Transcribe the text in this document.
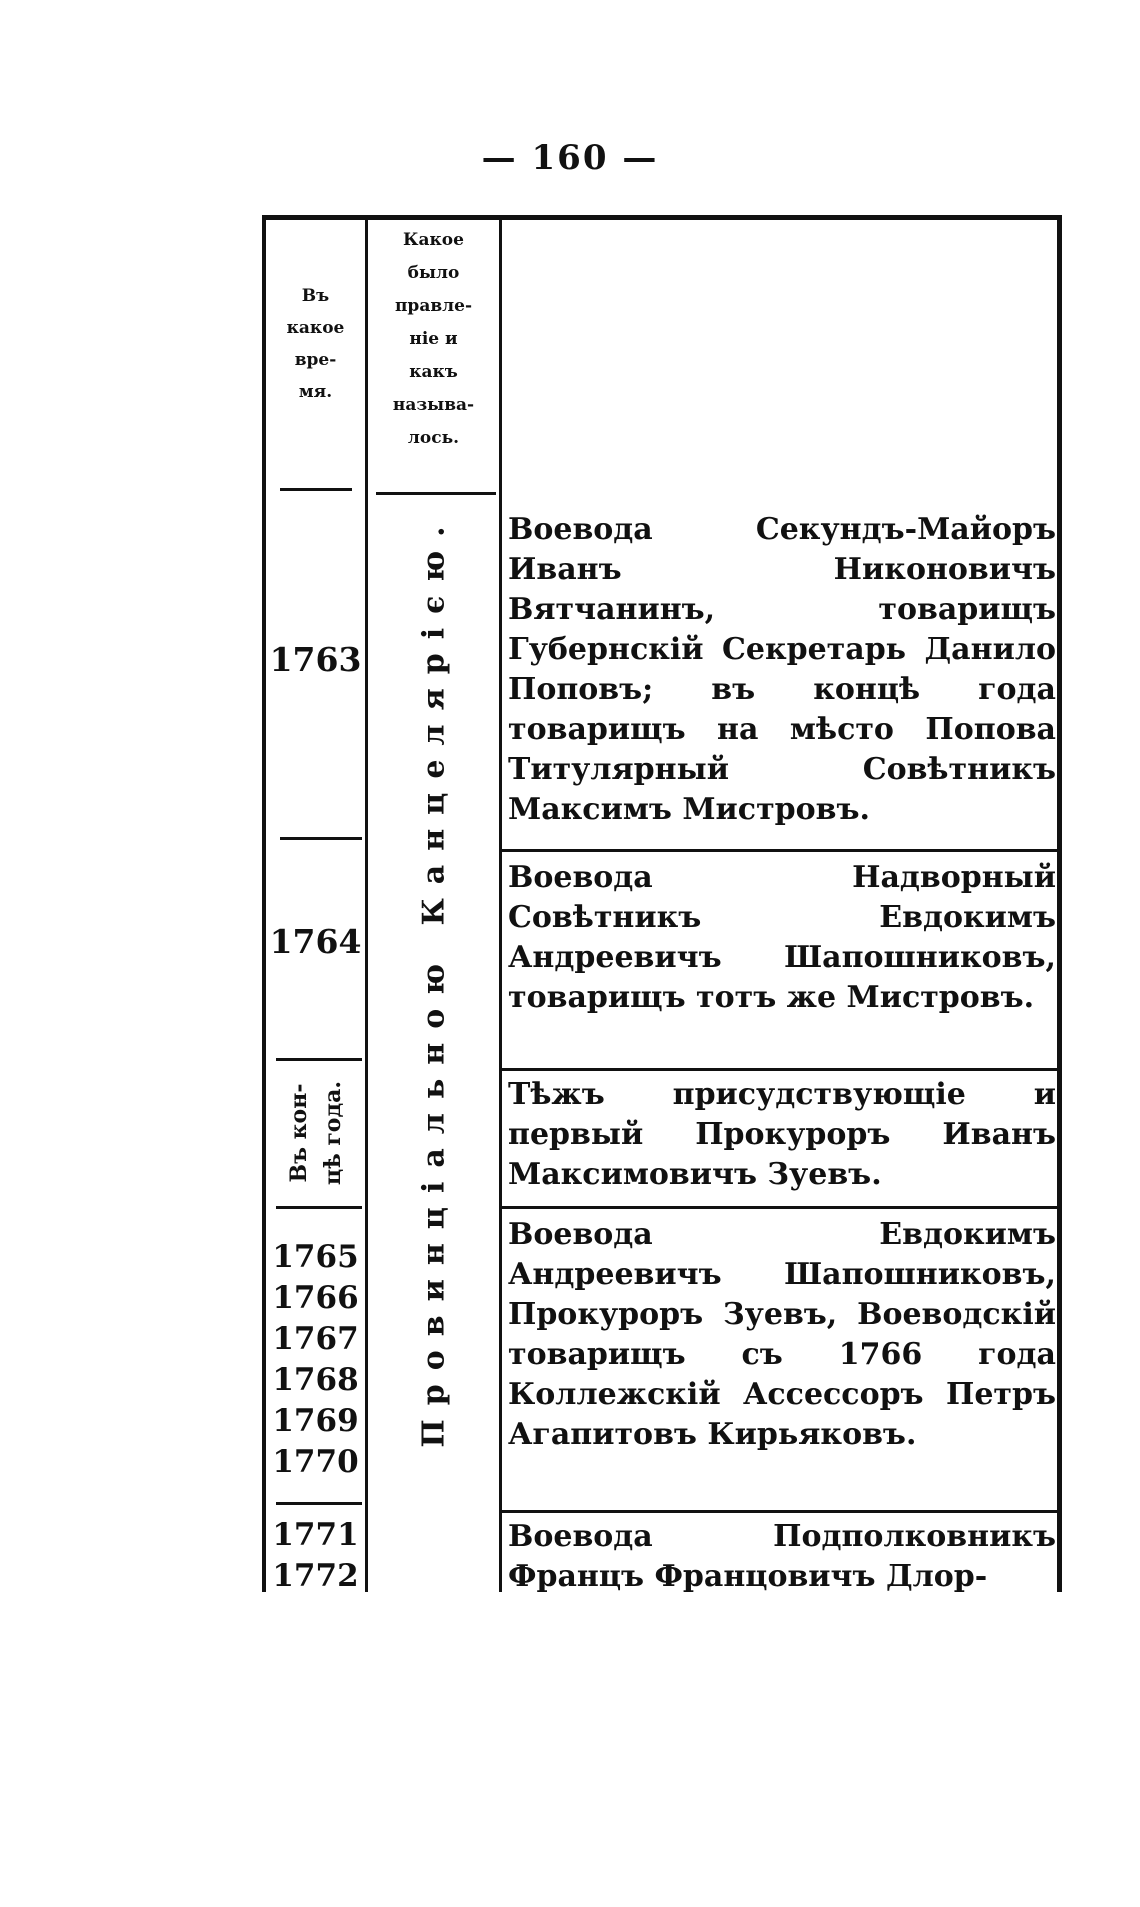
— 160 —
Въ
какое
вре-
мя.
Какое
было
правле-
ніе и
какъ
называ-
лось.
Провинціальною Канцелярією.
1763
Воевода Секундъ-Майоръ Иванъ Никоновичъ Вятчанинъ, товарищъ Губернскій Секретарь Данило Поповъ; въ концѣ года товарищъ на мѣсто Попова Титулярный Совѣтникъ Максимъ Мистровъ.
1764
Воевода Надворный Совѣтникъ Евдокимъ Андреевичъ Шапошниковъ, товарищъ тотъ же Мистровъ.
Въ кон-
цѣ года.	Тѣжъ присудствующіе и первый Прокуроръ Иванъ Максимовичъ Зуевъ.
1765
1766
1767
1768
1769
1770
Воевода Евдокимъ Андреевичъ Шапошниковъ, Прокуроръ Зуевъ, Воеводскій товарищъ съ 1766 года Коллежскій Ассессоръ Петръ Агапитовъ Кирьяковъ.
1771
1772
Воевода Подполковникъ Францъ Францовичъ Длор-
